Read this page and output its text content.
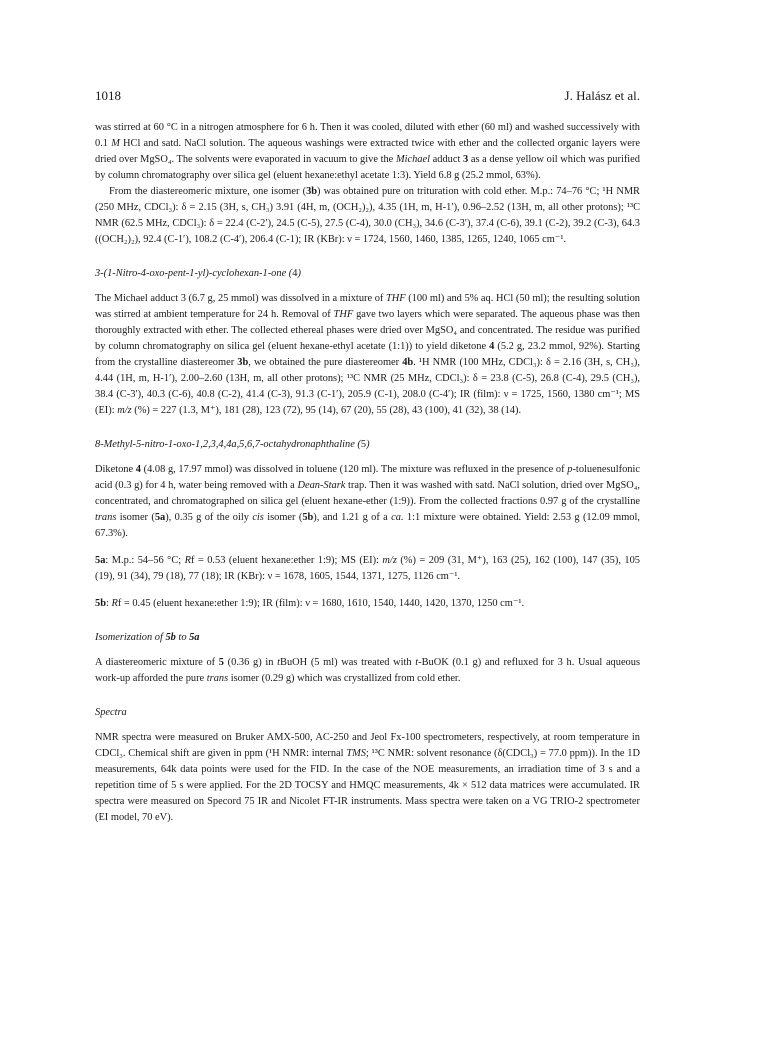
1018	J. Halász et al.

was stirred at 60 °C in a nitrogen atmosphere for 6 h. Then it was cooled, diluted with ether (60 ml) and washed successively with 0.1 M HCl and satd. NaCl solution. The aqueous washings were extracted twice with ether and the collected organic layers were dried over MgSO₄. The solvents were evaporated in vacuum to give the Michael adduct 3 as a dense yellow oil which was purified by column chromatography over silica gel (eluent hexane:ethyl acetate 1:3). Yield 6.8 g (25.2 mmol, 63%).

From the diastereomeric mixture, one isomer (3b) was obtained pure on trituration with cold ether. M.p.: 74–76 °C; ¹H NMR (250 MHz, CDCl₃): δ = 2.15 (3H, s, CH₃) 3.91 (4H, m, (OCH₂)₂), 4.35 (1H, m, H-1′), 0.96–2.52 (13H, m, all other protons); ¹³C NMR (62.5 MHz, CDCl₃): δ = 22.4 (C-2′), 24.5 (C-5), 27.5 (C-4), 30.0 (CH₃), 34.6 (C-3′), 37.4 (C-6), 39.1 (C-2), 39.2 (C-3), 64.3 ((OCH₂)₂), 92.4 (C-1′), 108.2 (C-4′), 206.4 (C-1); IR (KBr): ν = 1724, 1560, 1460, 1385, 1265, 1240, 1065 cm⁻¹.

3-(1-Nitro-4-oxo-pent-1-yl)-cyclohexan-1-one (4)

The Michael adduct 3 (6.7 g, 25 mmol) was dissolved in a mixture of THF (100 ml) and 5% aq. HCl (50 ml); the resulting solution was stirred at ambient temperature for 24 h. Removal of THF gave two layers which were separated. The aqueous phase was then thoroughly extracted with ether. The collected ethereal phases were dried over MgSO₄ and concentrated. The residue was purified by column chromatography on silica gel (eluent hexane-ethyl acetate (1:1)) to yield diketone 4 (5.2 g, 23.2 mmol, 92%). Starting from the crystalline diastereomer 3b, we obtained the pure diastereomer 4b. ¹H NMR (100 MHz, CDCl₃): δ = 2.16 (3H, s, CH₃), 4.44 (1H, m, H-1′), 2.00–2.60 (13H, m, all other protons); ¹³C NMR (25 MHz, CDCl₃): δ = 23.8 (C-5), 26.8 (C-4), 29.5 (CH₃), 38.4 (C-3′), 40.3 (C-6), 40.8 (C-2), 41.4 (C-3), 91.3 (C-1′), 205.9 (C-1), 208.0 (C-4′); IR (film): ν = 1725, 1560, 1380 cm⁻¹; MS (EI): m/z (%) = 227 (1.3, M⁺), 181 (28), 123 (72), 95 (14), 67 (20), 55 (28), 43 (100), 41 (32), 38 (14).

8-Methyl-5-nitro-1-oxo-1,2,3,4,4a,5,6,7-octahydronaphthaline (5)

Diketone 4 (4.08 g, 17.97 mmol) was dissolved in toluene (120 ml). The mixture was refluxed in the presence of p-toluenesulfonic acid (0.3 g) for 4 h, water being removed with a Dean-Stark trap. Then it was washed with satd. NaCl solution, dried over MgSO₄, concentrated, and chromatographed on silica gel (eluent hexane-ether (1:9)). From the collected fractions 0.97 g of the crystalline trans isomer (5a), 0.35 g of the oily cis isomer (5b), and 1.21 g of a ca. 1:1 mixture were obtained. Yield: 2.53 g (12.09 mmol, 67.3%).

5a: M.p.: 54–56 °C; Rf = 0.53 (eluent hexane:ether 1:9); MS (EI): m/z (%) = 209 (31, M⁺), 163 (25), 162 (100), 147 (35), 105 (19), 91 (34), 79 (18), 77 (18); IR (KBr): ν = 1678, 1605, 1544, 1371, 1275, 1126 cm⁻¹.

5b: Rf = 0.45 (eluent hexane:ether 1:9); IR (film): ν = 1680, 1610, 1540, 1440, 1420, 1370, 1250 cm⁻¹.

Isomerization of 5b to 5a

A diastereomeric mixture of 5 (0.36 g) in tBuOH (5 ml) was treated with t-BuOK (0.1 g) and refluxed for 3 h. Usual aqueous work-up afforded the pure trans isomer (0.29 g) which was crystallized from cold ether.

Spectra

NMR spectra were measured on Bruker AMX-500, AC-250 and Jeol Fx-100 spectrometers, respectively, at room temperature in CDCl₃. Chemical shift are given in ppm (¹H NMR: internal TMS; ¹³C NMR: solvent resonance (δ(CDCl₃) = 77.0 ppm)). In the 1D measurements, 64k data points were used for the FID. In the case of the NOE measurements, an irradiation time of 3 s and a repetition time of 5 s were applied. For the 2D TOCSY and HMQC measurements, 4k × 512 data matrices were accumulated. IR spectra were measured on Specord 75 IR and Nicolet FT-IR instruments. Mass spectra were taken on a VG TRIO-2 spectrometer (EI model, 70 eV).
